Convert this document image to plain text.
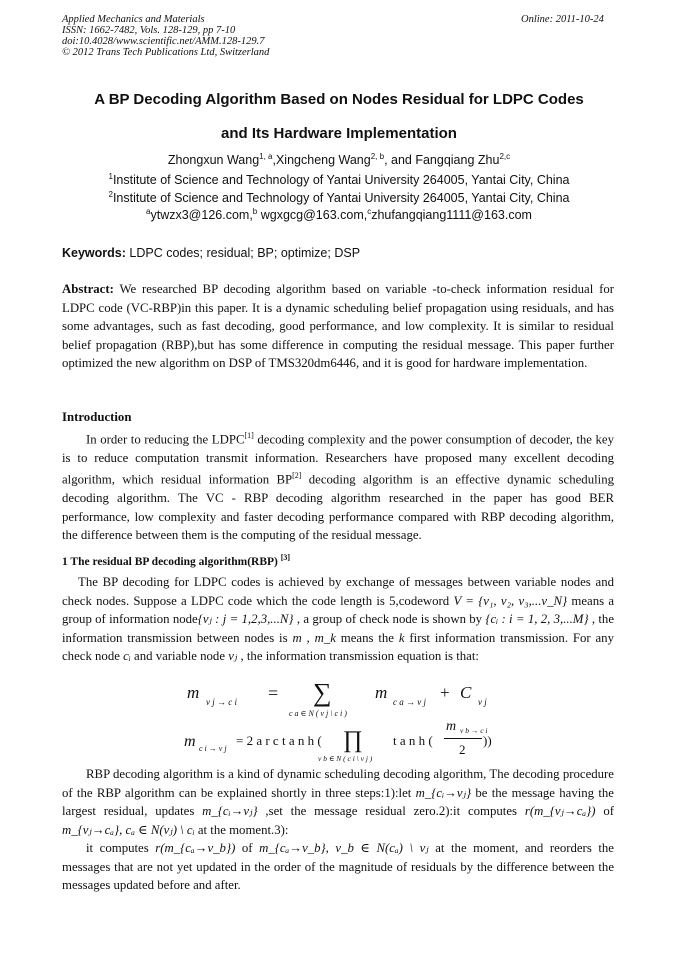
Applied Mechanics and Materials
ISSN: 1662-7482, Vols. 128-129, pp 7-10
doi:10.4028/www.scientific.net/AMM.128-129.7
© 2012 Trans Tech Publications Ltd, Switzerland
Online: 2011-10-24
A BP Decoding Algorithm Based on Nodes Residual for LDPC Codes
and Its Hardware Implementation
Zhongxun Wang$^{1, a}$,Xingcheng Wang$^{2, b}$, and Fangqiang Zhu$^{2,c}$
$^1$Institute of Science and Technology of Yantai University 264005, Yantai City, China
$^2$Institute of Science and Technology of Yantai University 264005, Yantai City, China
$^a$ytwzx3@126.com,$^b$ wgxgcg@163.com,$^c$zhufangqiang1111@163.com
Keywords: LDPC codes; residual; BP; optimize; DSP
Abstract: We researched BP decoding algorithm based on variable -to-check information residual for LDPC code (VC-RBP)in this paper. It is a dynamic scheduling belief propagation using residuals, and has some advantages, such as fast decoding, good performance, and low complexity. It is similar to residual belief propagation (RBP),but has some difference in computing the residual message. This paper further optimized the new algorithm on DSP of TMS320dm6446, and it is good for hardware implementation.
Introduction
In order to reducing the LDPC[1] decoding complexity and the power consumption of decoder, the key is to reduce computation transmit information. Researchers have proposed many excellent decoding algorithm, which residual information BP[2] decoding algorithm is an effective dynamic scheduling decoding algorithm. The VC - RBP decoding algorithm researched in the paper has good BER performance, low complexity and faster decoding performance compared with RBP decoding algorithm, the difference between them is the computing of the residual message.
1 The residual BP decoding algorithm(RBP) [3]
The BP decoding for LDPC codes is achieved by exchange of messages between variable nodes and check nodes. Suppose a LDPC code which the code length is 5,codeword V = {v₁, v₂, v₃,...v_N} means a group of information node{vⱼ : j = 1,2,3,...N} , a group of check node is shown by {cᵢ : i = 1, 2, 3,...M} , the information transmission between nodes is m , m_k means the k first information transmission. For any check node cᵢ and variable node vⱼ , the information transmission equation is that:
m v j → c i = ∑
c a ∈ N ( v j \ c i )
m c a → v j + C v j
m c i → v j
= 2 a r c t a n h ( ∏
v b ∈ N ( c i \ v j )
t a n h (
m v b → c i
2
))
RBP decoding algorithm is a kind of dynamic scheduling decoding algorithm, The decoding procedure of the RBP algorithm can be explained shortly in three steps:1):let m_{cᵢ→vⱼ} be the message having the largest residual, updates m_{cᵢ→vⱼ} ,set the message residual zero.2):it computes r(m_{vⱼ→cₐ}) of m_{vⱼ→cₐ}, cₐ ∈ N(vⱼ) \ cᵢ at the moment.3):
it computes r(m_{cₐ→v_b}) of m_{cₐ→v_b}, v_b ∈ N(cₐ) \ vⱼ at the moment, and reorders the messages that are not yet updated in the order of the magnitude of residuals by the difference between the messages updated before and after.
